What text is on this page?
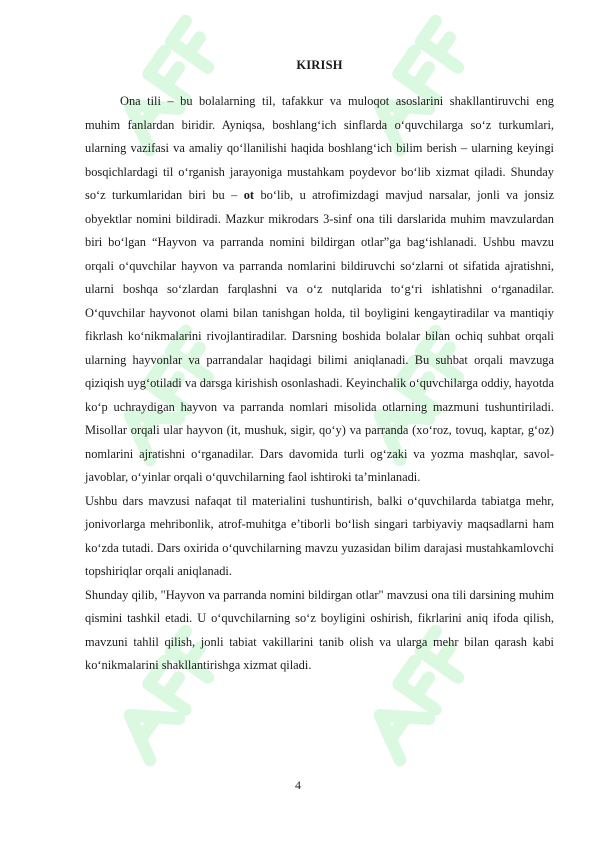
KIRISH

Ona tili – bu bolalarning til, tafakkur va muloqot asoslarini shakllantiruvchi eng muhim fanlardan biridir. Ayniqsa, boshlang‘ich sinflarda o‘quvchilarga so‘z turkumlari, ularning vazifasi va amaliy qo‘llanilishi haqida boshlang‘ich bilim berish – ularning keyingi bosqichlardagi til o‘rganish jarayoniga mustahkam poydevor bo‘lib xizmat qiladi. Shunday so‘z turkumlaridan biri bu – ot bo‘lib, u atrofimizdagi mavjud narsalar, jonli va jonsiz obyektlar nomini bildiradi. Mazkur mikrodars 3-sinf ona tili darslarida muhim mavzulardan biri bo‘lgan “Hayvon va parranda nomini bildirgan otlar”ga bag‘ishlanadi. Ushbu mavzu orqali o‘quvchilar hayvon va parranda nomlarini bildiruvchi so‘zlarni ot sifatida ajratishni, ularni boshqa so‘zlardan farqlashni va o‘z nutqlarida to‘g‘ri ishlatishni o‘rganadilar. O‘quvchilar hayvonot olami bilan tanishgan holda, til boyligini kengaytiradilar va mantiqiy fikrlash ko‘nikmalarini rivojlantiradilar. Darsning boshida bolalar bilan ochiq suhbat orqali ularning hayvonlar va parrandalar haqidagi bilimi aniqlanadi. Bu suhbat orqali mavzuga qiziqish uyg‘otiladi va darsga kirishish osonlashadi. Keyinchalik o‘quvchilarga oddiy, hayotda ko‘p uchraydigan hayvon va parranda nomlari misolida otlarning mazmuni tushuntiriladi. Misollar orqali ular hayvon (it, mushuk, sigir, qo‘y) va parranda (xo‘roz, tovuq, kaptar, g‘oz) nomlarini ajratishni o‘rganadilar. Dars davomida turli og‘zaki va yozma mashqlar, savol-javoblar, o‘yinlar orqali o‘quvchilarning faol ishtiroki ta’minlanadi.

Ushbu dars mavzusi nafaqat til materialini tushuntirish, balki o‘quvchilarda tabiatga mehr, jonivorlarga mehribonlik, atrof-muhitga e’tiborli bo‘lish singari tarbiyaviy maqsadlarni ham ko‘zda tutadi. Dars oxirida o‘quvchilarning mavzu yuzasidan bilim darajasi mustahkamlovchi topshiriqlar orqali aniqlanadi.

Shunday qilib, "Hayvon va parranda nomini bildirgan otlar" mavzusi ona tili darsining muhim qismini tashkil etadi. U o‘quvchilarning so‘z boyligini oshirish, fikrlarini aniq ifoda qilish, mavzuni tahlil qilish, jonli tabiat vakillarini tanib olish va ularga mehr bilan qarash kabi ko‘nikmalarini shakllantirishga xizmat qiladi.

4
